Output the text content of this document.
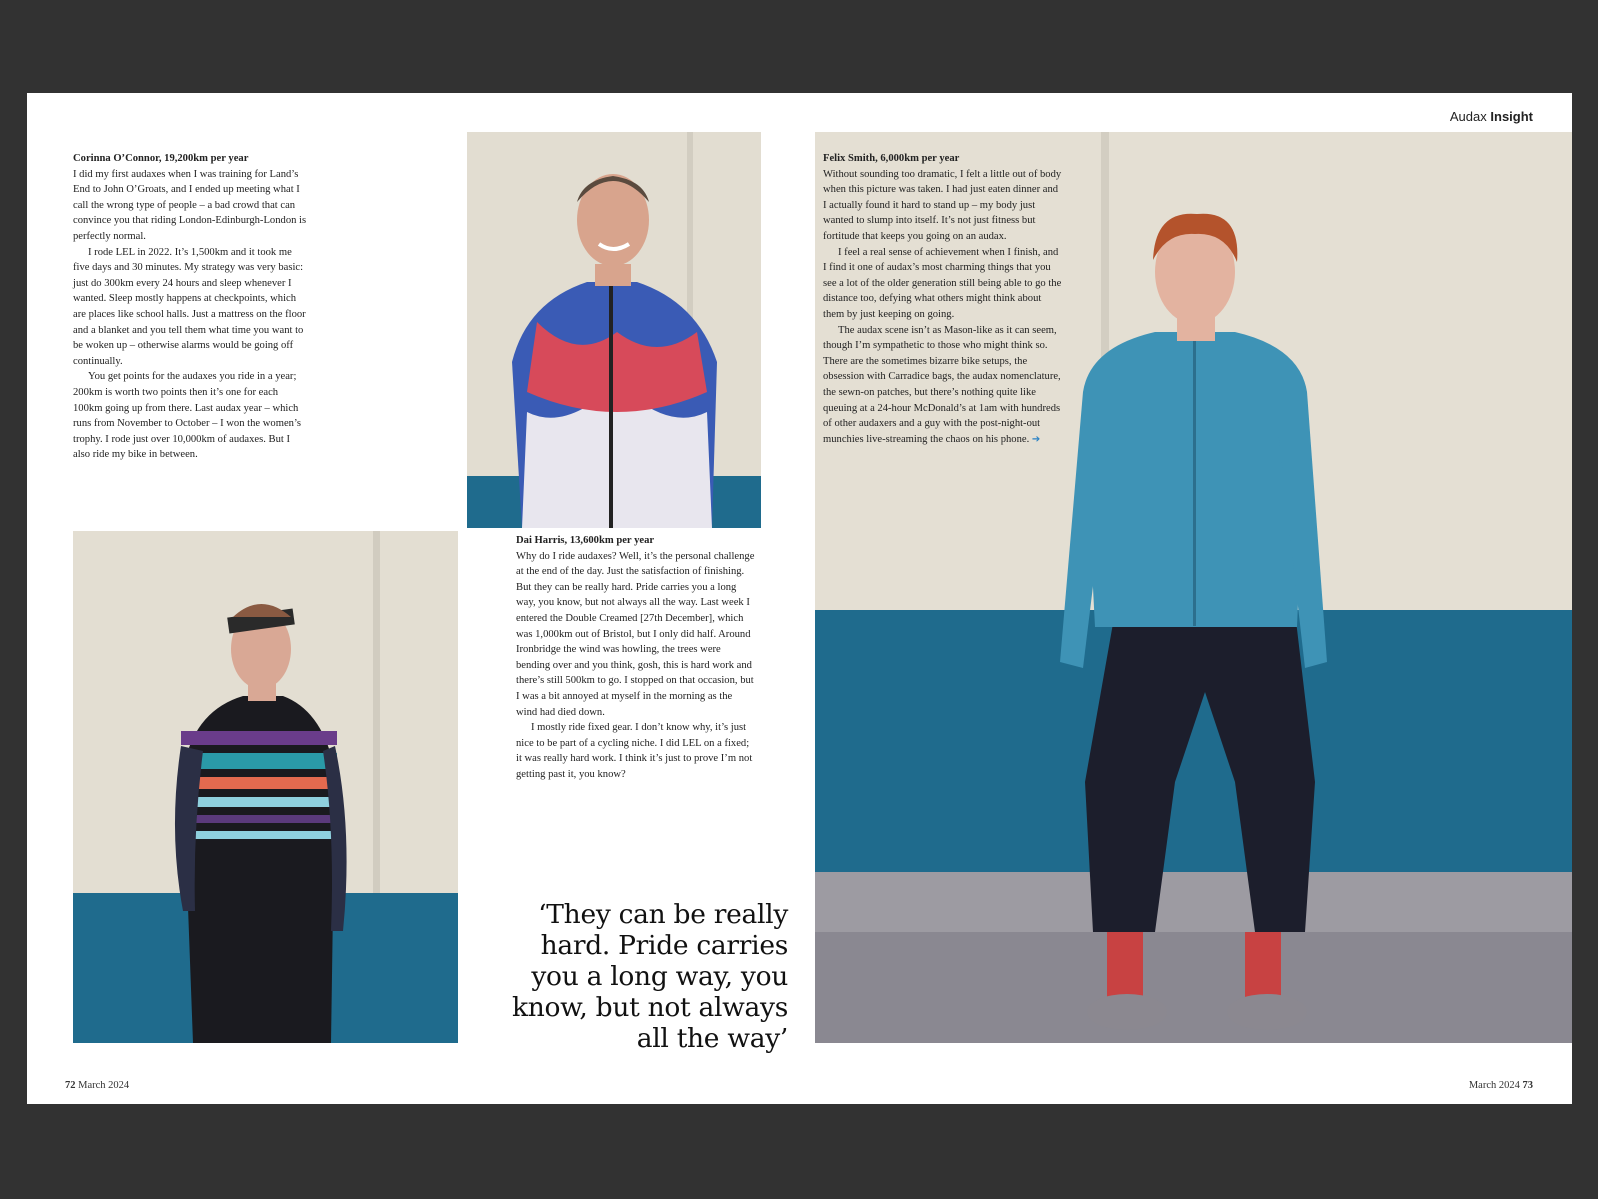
Audax Insight
Corinna O’Connor, 19,200km per year

I did my first audaxes when I was training for Land’s End to John O’Groats, and I ended up meeting what I call the wrong type of people – a bad crowd that can convince you that riding London-Edinburgh-London is perfectly normal.

I rode LEL in 2022. It’s 1,500km and it took me five days and 30 minutes. My strategy was very basic: just do 300km every 24 hours and sleep whenever I wanted. Sleep mostly happens at checkpoints, which are places like school halls. Just a mattress on the floor and a blanket and you tell them what time you want to be woken up – otherwise alarms would be going off continually.

You get points for the audaxes you ride in a year; 200km is worth two points then it’s one for each 100km going up from there. Last audax year – which runs from November to October – I won the women’s trophy. I rode just over 10,000km of audaxes. But I also ride my bike in between.

Dai Harris, 13,600km per year

Why do I ride audaxes? Well, it’s the personal challenge at the end of the day. Just the satisfaction of finishing. But they can be really hard. Pride carries you a long way, you know, but not always all the way. Last week I entered the Double Creamed [27th December], which was 1,000km out of Bristol, but I only did half. Around Ironbridge the wind was howling, the trees were bending over and you think, gosh, this is hard work and there’s still 500km to go. I stopped on that occasion, but I was a bit annoyed at myself in the morning as the wind had died down.

I mostly ride fixed gear. I don’t know why, it’s just nice to be part of a cycling niche. I did LEL on a fixed; it was really hard work. I think it’s just to prove I’m not getting past it, you know?

Felix Smith, 6,000km per year

Without sounding too dramatic, I felt a little out of body when this picture was taken. I had just eaten dinner and I actually found it hard to stand up – my body just wanted to slump into itself. It’s not just fitness but fortitude that keeps you going on an audax.

I feel a real sense of achievement when I finish, and I find it one of audax’s most charming things that you see a lot of the older generation still being able to go the distance too, defying what others might think about them by just keeping on going.

The audax scene isn’t as Mason-like as it can seem, though I’m sympathetic to those who might think so. There are the sometimes bizarre bike setups, the obsession with Carradice bags, the audax nomenclature, the sewn-on patches, but there’s nothing quite like queuing at a 24-hour McDonald’s at 1am with hundreds of other audaxers and a guy with the post-night-out munchies live-streaming the chaos on his phone. ➔

‘They can be really hard. Pride carries you a long way, you know, but not always all the way’
72 March 2024	March 2024 73
